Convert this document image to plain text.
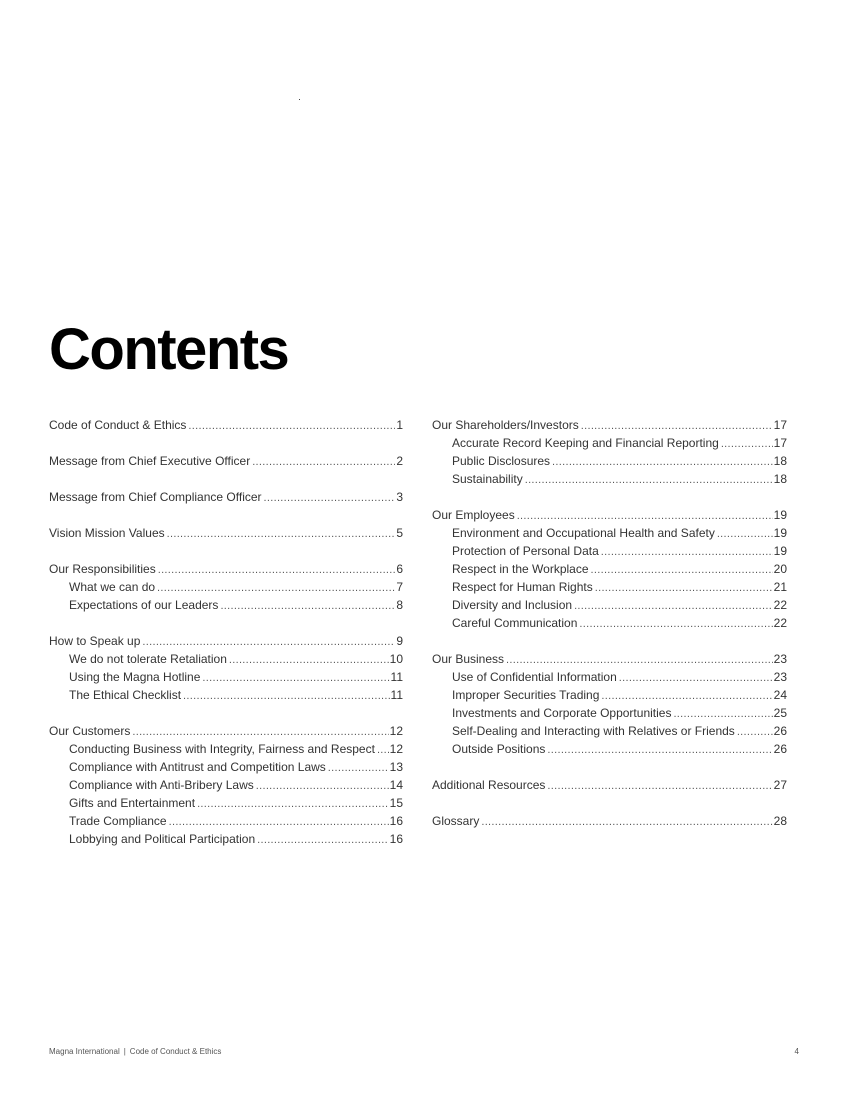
Contents
Code of Conduct & Ethics .....	1
Message from Chief Executive Officer .....	2
Message from Chief Compliance Officer .....	3
Vision Mission Values .....	5
Our Responsibilities .....	6
What we can do .....	7
Expectations of our Leaders .....	8
How to Speak up .....	9
We do not tolerate Retaliation .....	10
Using the Magna Hotline .....	11
The Ethical Checklist .....	11
Our Customers .....	12
Conducting Business with Integrity, Fairness and Respect ..... 12
Compliance with Antitrust and Competition Laws .....	13
Compliance with Anti-Bribery Laws .....	14
Gifts and Entertainment .....	15
Trade Compliance .....	16
Lobbying and Political Participation .....	16
Our Shareholders/Investors .....	17
Accurate Record Keeping and Financial Reporting .....	17
Public Disclosures .....	18
Sustainability .....	18
Our Employees .....	19
Environment and Occupational Health and Safety .....	19
Protection of Personal Data .....	19
Respect in the Workplace .....	20
Respect for Human Rights .....	21
Diversity and Inclusion .....	22
Careful Communication .....	22
Our Business .....	23
Use of Confidential Information .....	23
Improper Securities Trading .....	24
Investments and Corporate Opportunities .....	25
Self-Dealing and Interacting with Relatives or Friends .....	26
Outside Positions .....	26
Additional Resources .....	27
Glossary .....	28
Magna International | Code of Conduct & Ethics	4
